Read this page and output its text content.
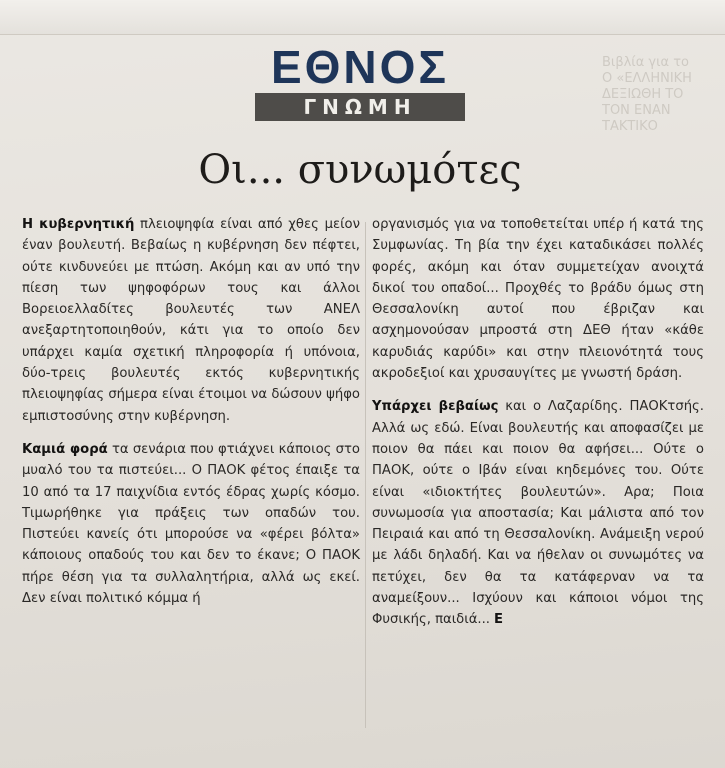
Βιβλία για το
Ο «ΕΛΛΗΝΙΚΗ
ΔΕΞΙΩΘΗ ΤΟ
ΤΟΝ ΕΝΑΝ
ΤΑΚΤΙΚΟ
ΕΘΝΟΣ
ΓΝΩΜΗ
Οι... συνωμότες

Η κυβερνητική πλειοψηφία είναι από χθες μείον έναν βουλευτή. Βεβαίως η κυβέρνηση δεν πέφτει, ούτε κινδυνεύει με πτώση. Ακόμη και αν υπό την πίεση των ψηφοφόρων τους και άλλοι Βορειοελλαδίτες βουλευτές των ΑΝΕΛ ανεξαρτητοποιηθούν, κάτι για το οποίο δεν υπάρχει καμία σχετική πληροφορία ή υπόνοια, δύο-τρεις βουλευτές εκτός κυβερνητικής πλειοψηφίας σήμερα είναι έτοιμοι να δώσουν ψήφο εμπιστοσύνης στην κυβέρνηση.

Καμιά φορά τα σενάρια που φτιάχνει κάποιος στο μυαλό του τα πιστεύει... Ο ΠΑΟΚ φέτος έπαιξε τα 10 από τα 17 παιχνίδια εντός έδρας χωρίς κόσμο. Τιμωρήθηκε για πράξεις των οπαδών του. Πιστεύει κανείς ότι μπορούσε να «φέρει βόλτα» κάποιους οπαδούς του και δεν το έκανε; Ο ΠΑΟΚ πήρε θέση για τα συλλαλητήρια, αλλά ως εκεί. Δεν είναι πολιτικό κόμμα ή

οργανισμός για να τοποθετείται υπέρ ή κατά της Συμφωνίας. Τη βία την έχει καταδικάσει πολλές φορές, ακόμη και όταν συμμετείχαν ανοιχτά δικοί του οπαδοί... Προχθές το βράδυ όμως στη Θεσσαλονίκη αυτοί που έβριζαν και ασχημονούσαν μπροστά στη ΔΕΘ ήταν «κάθε καρυδιάς καρύδι» και στην πλειονότητά τους ακροδεξιοί και χρυσαυγίτες με γνωστή δράση.

Υπάρχει βεβαίως και ο Λαζαρίδης. ΠΑΟΚτσής. Αλλά ως εδώ. Είναι βουλευτής και αποφασίζει με ποιον θα πάει και ποιον θα αφήσει... Ούτε ο ΠΑΟΚ, ούτε ο Ιβάν είναι κηδεμόνες του. Ούτε είναι «ιδιοκτήτες βουλευτών». Αρα; Ποια συνωμοσία για αποστασία; Και μάλιστα από τον Πειραιά και από τη Θεσσαλονίκη. Ανάμειξη νερού με λάδι δηλαδή. Και να ήθελαν οι συνωμότες να πετύχει, δεν θα τα κατάφερναν να τα αναμείξουν... Ισχύουν και κάποιοι νόμοι της Φυσικής, παιδιά... Ε
